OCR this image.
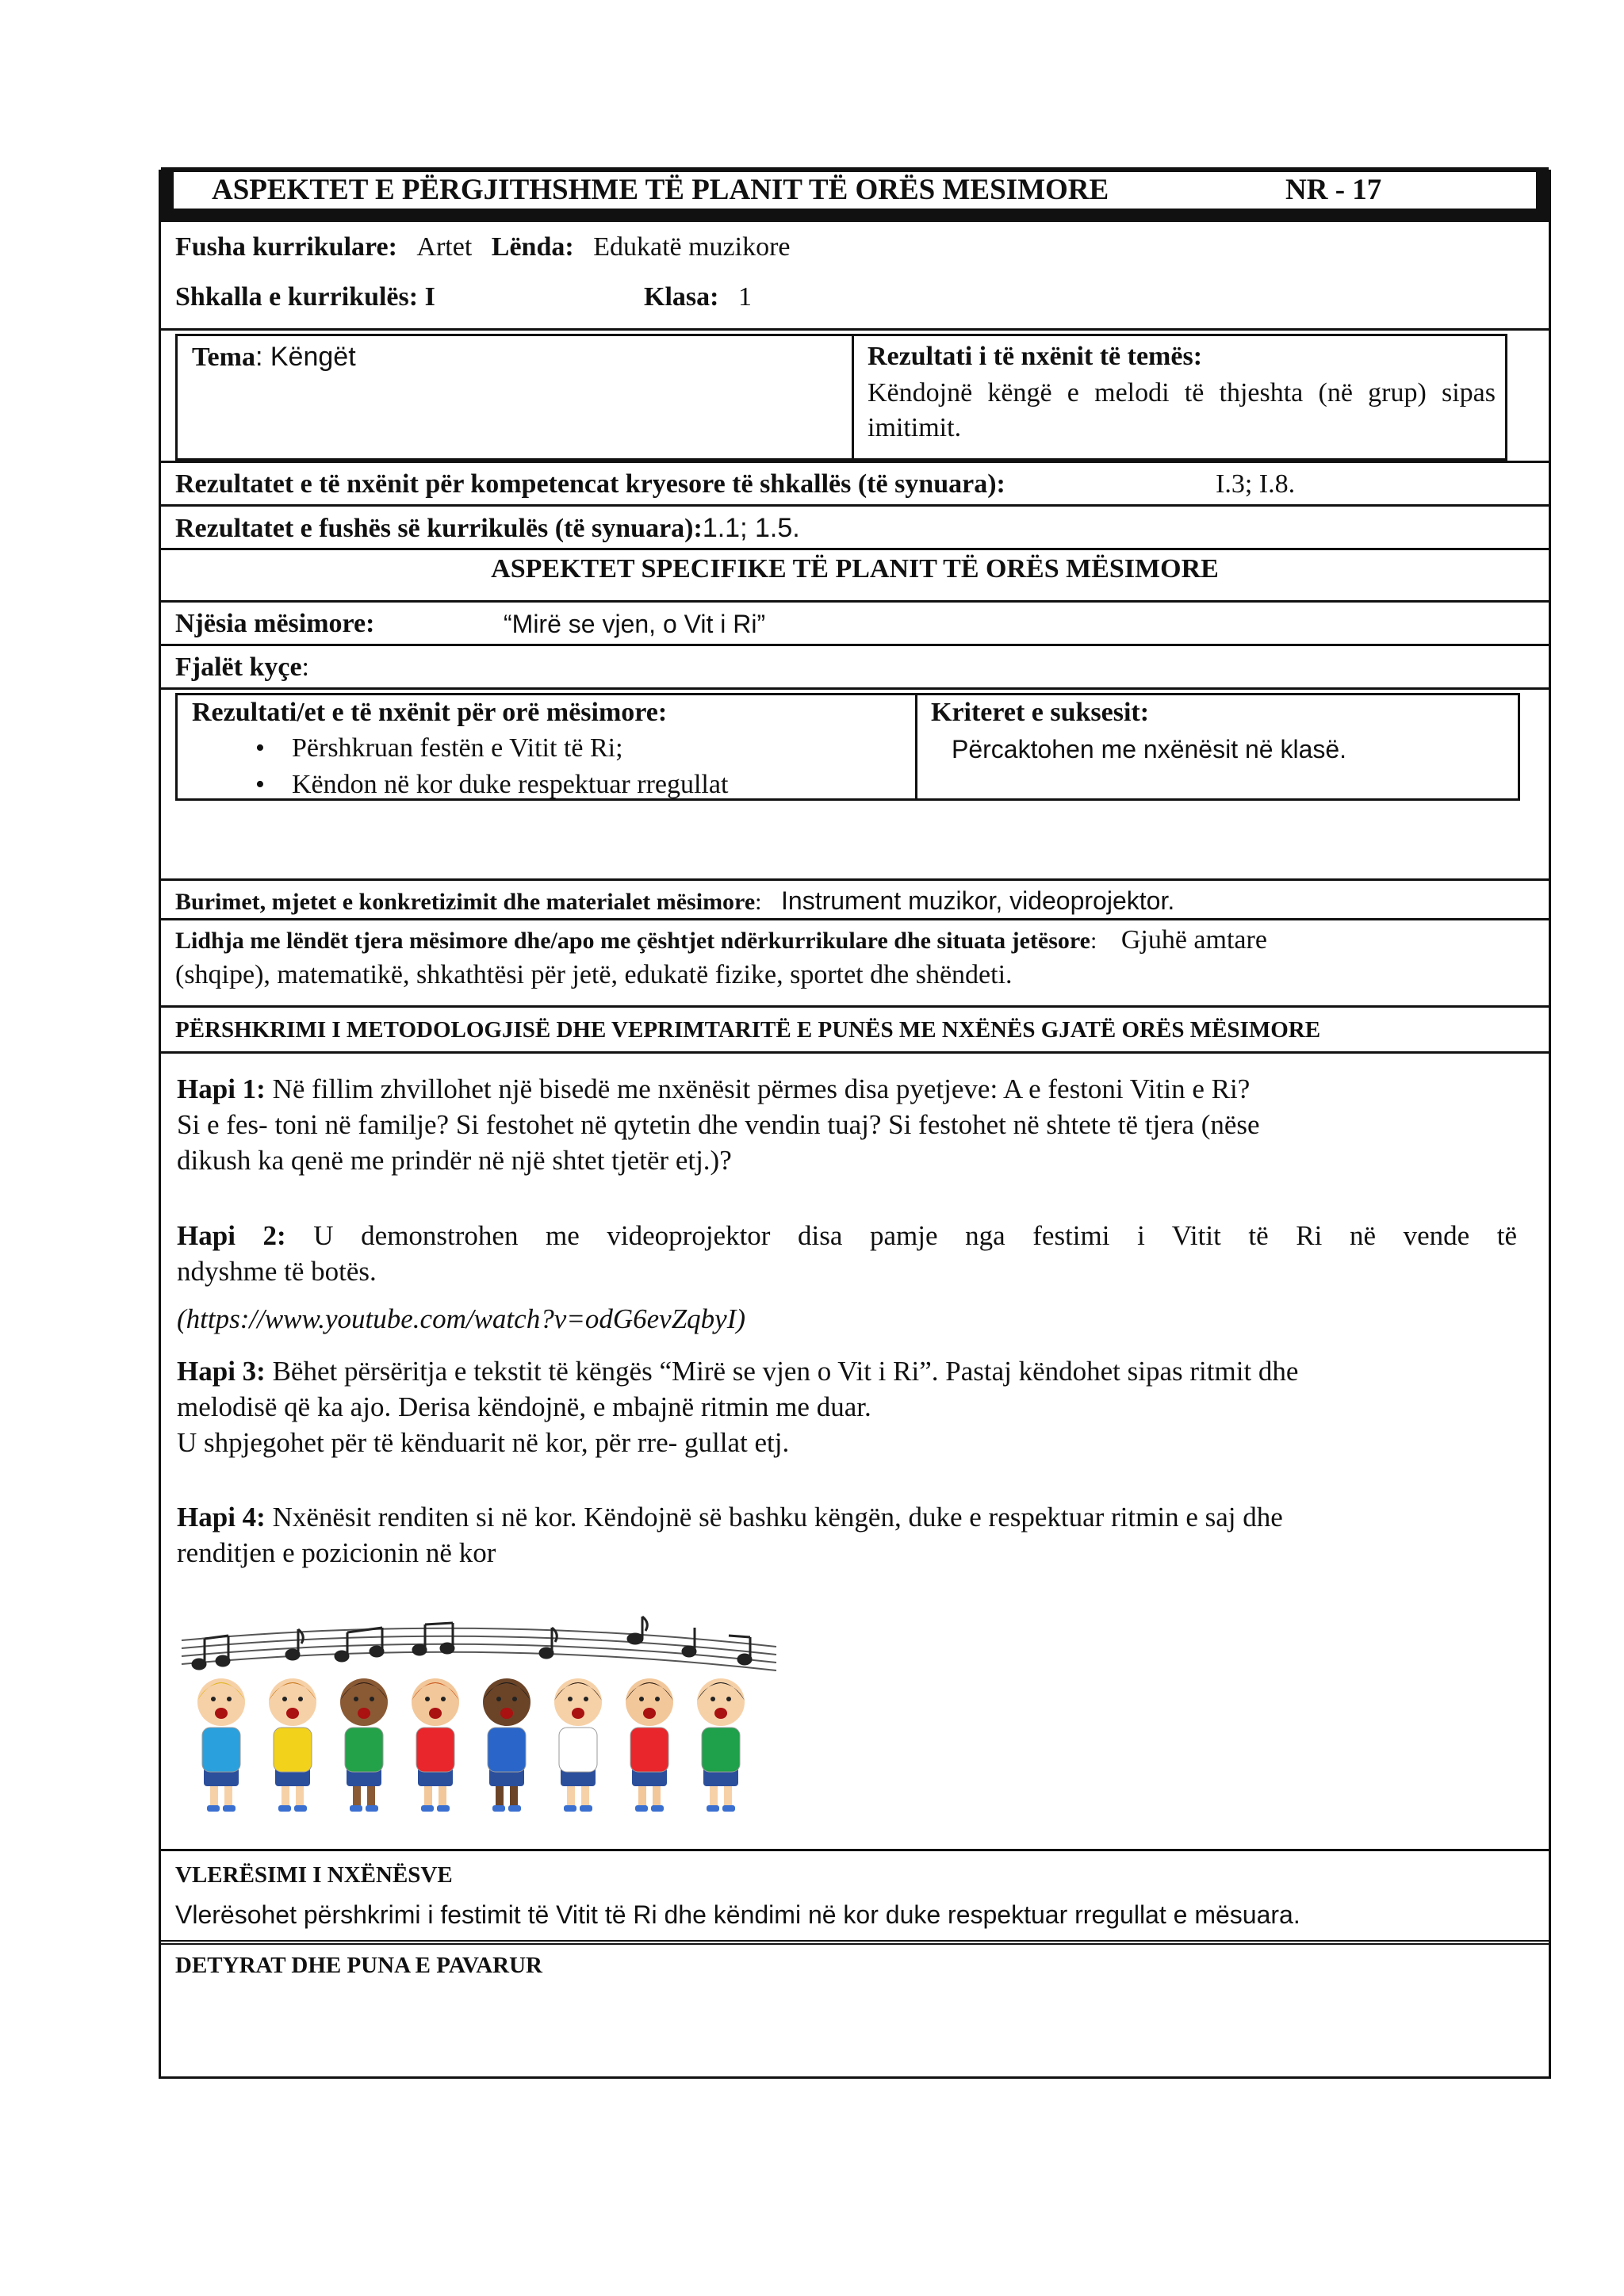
ASPEKTET E PËRGJITHSHME TË PLANIT TË ORËS MESIMORE	NR - 17
Fusha kurrikulare: Artet Lënda: Edukatë muzikore
Shkalla e kurrikulës: I	Klasa: 1
Tema: Këngët	Rezultati i të nxënit të temës:
Këndojnë këngë e melodi të thjeshta (në grup) sipas imitimit.
Rezultatet e të nxënit për kompetencat kryesore të shkallës (të synuara):	I.3; I.8.
Rezultatet e fushës së kurrikulës (të synuara):1.1; 1.5.
ASPEKTET SPECIFIKE TË PLANIT TË ORËS MËSIMORE
Njësia mësimore:	“Mirë se vjen, o Vit i Ri”
Fjalët kyçe:
Rezultati/et e të nxënit për orë mësimore:
• Përshkruan festën e Vitit të Ri;
• Këndon në kor duke respektuar rregullat
Kriteret e suksesit:
Përcaktohen me nxënësit në klasë.
Burimet, mjetet e konkretizimit dhe materialet mësimore: Instrument muzikor, videoprojektor.
Lidhja me lëndët tjera mësimore dhe/apo me çështjet ndërkurrikulare dhe situata jetësore: Gjuhë amtare
(shqipe), matematikë, shkathtësi për jetë, edukatë fizike, sportet dhe shëndeti.
PËRSHKRIMI I METODOLOGJISË DHE VEPRIMTARITË E PUNËS ME NXËNËS GJATË ORËS MËSIMORE
Hapi 1: Në fillim zhvillohet një bisedë me nxënësit përmes disa pyetjeve: A e festoni Vitin e Ri?
Si e fes- toni në familje? Si festohet në qytetin dhe vendin tuaj? Si festohet në shtete të tjera (nëse
dikush ka qenë me prindër në një shtet tjetër etj.)?
Hapi 2: U demonstrohen me videoprojektor disa pamje nga festimi i Vitit të Ri në vende të
ndyshme të botës.
(https://www.youtube.com/watch?v=odG6evZqbyI)
Hapi 3: Bëhet përsëritja e tekstit të këngës “Mirë se vjen o Vit i Ri”. Pastaj këndohet sipas ritmit dhe
melodisë që ka ajo. Derisa këndojnë, e mbajnë ritmin me duar.
U shpjegohet për të kënduarit në kor, për rre- gullat etj.
Hapi 4: Nxënësit renditen si në kor. Këndojnë së bashku këngën, duke e respektuar ritmin e saj dhe
renditjen e pozicionin në kor
VLERËSIMI I NXËNËSVE
Vlerësohet përshkrimi i festimit të Vitit të Ri dhe këndimi në kor duke respektuar rregullat e mësuara.
DETYRAT DHE PUNA E PAVARUR
